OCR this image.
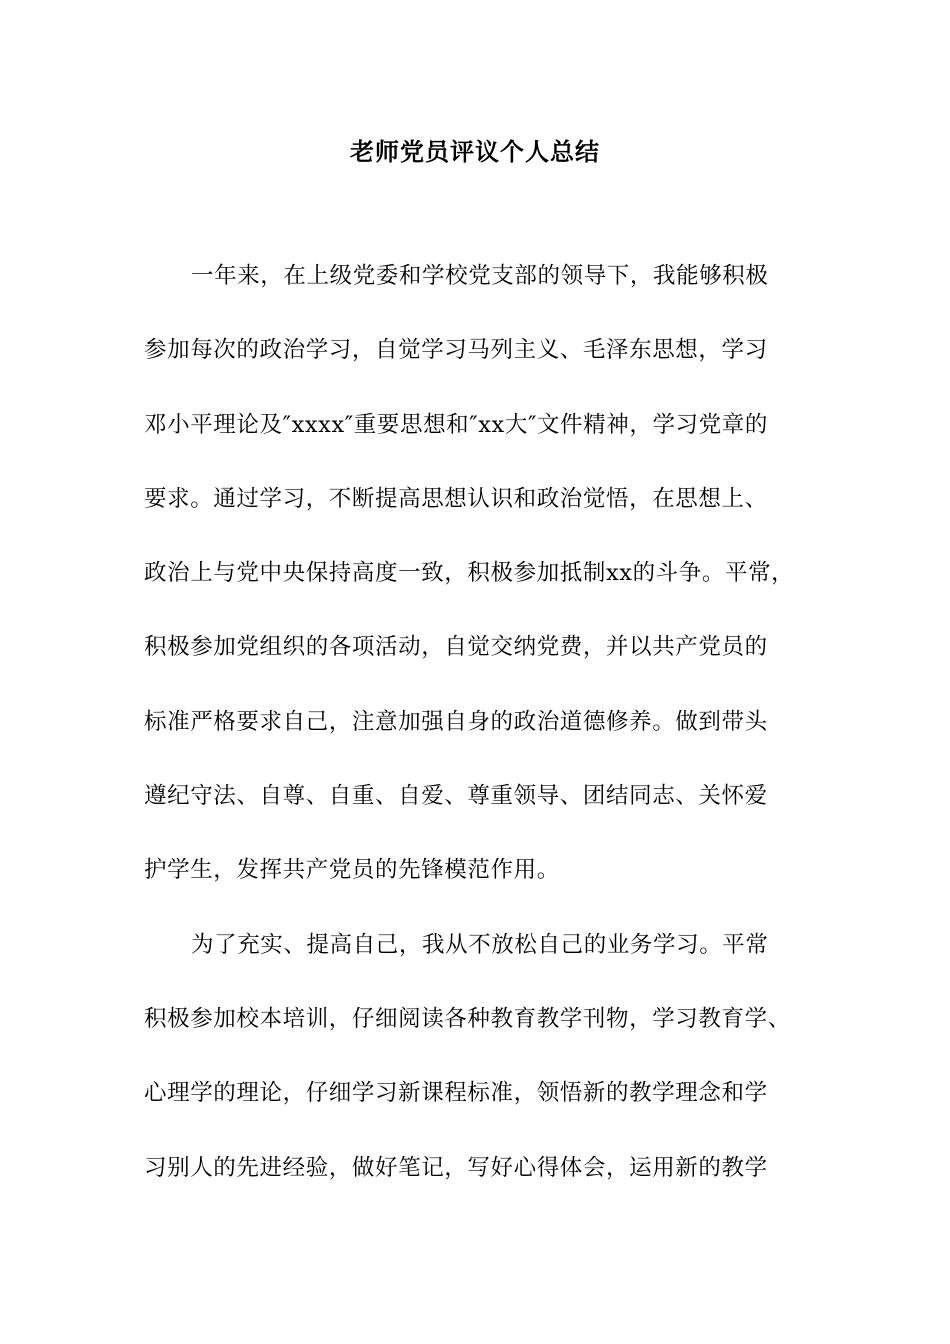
老师党员评议个人总结
一年来，在上级党委和学校党支部的领导下，我能够积极
参加每次的政治学习，自觉学习马列主义、毛泽东思想，学习
邓小平理论及″xxxx″重要思想和″xx大″文件精神，学习党章的
要求。通过学习，不断提高思想认识和政治觉悟，在思想上、
政治上与党中央保持高度一致，积极参加抵制xx的斗争。平常，
积极参加党组织的各项活动，自觉交纳党费，并以共产党员的
标准严格要求自己，注意加强自身的政治道德修养。做到带头
遵纪守法、自尊、自重、自爱、尊重领导、团结同志、关怀爱
护学生，发挥共产党员的先锋模范作用。
为了充实、提高自己，我从不放松自己的业务学习。平常
积极参加校本培训，仔细阅读各种教育教学刊物，学习教育学、
心理学的理论，仔细学习新课程标准，领悟新的教学理念和学
习别人的先进经验，做好笔记，写好心得体会，运用新的教学
